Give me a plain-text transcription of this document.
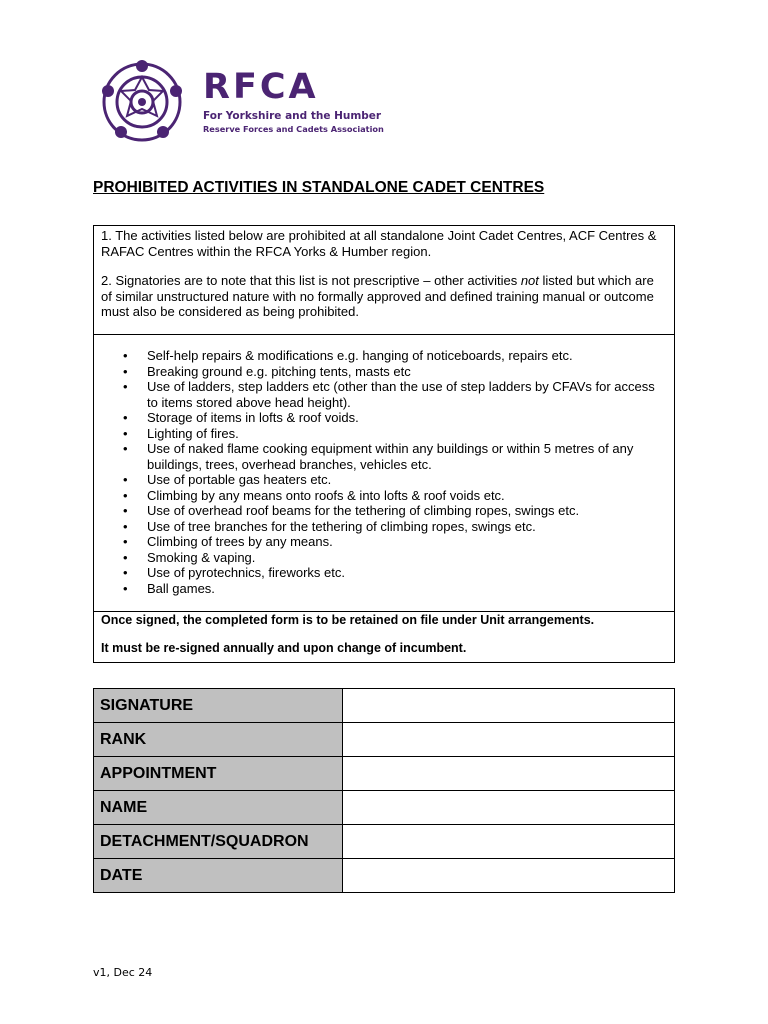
RFCA
For Yorkshire and the Humber
Reserve Forces and Cadets Association
PROHIBITED ACTIVITIES IN STANDALONE CADET CENTRES

1. The activities listed below are prohibited at all standalone Joint Cadet Centres, ACF Centres & RAFAC Centres within the RFCA Yorks & Humber region.

2. Signatories are to note that this list is not prescriptive – other activities not listed but which are of similar unstructured nature with no formally approved and defined training manual or outcome must also be considered as being prohibited.

• Self-help repairs & modifications e.g. hanging of noticeboards, repairs etc.
• Breaking ground e.g. pitching tents, masts etc
• Use of ladders, step ladders etc (other than the use of step ladders by CFAVs for access to items stored above head height).
• Storage of items in lofts & roof voids.
• Lighting of fires.
• Use of naked flame cooking equipment within any buildings or within 5 metres of any buildings, trees, overhead branches, vehicles etc.
• Use of portable gas heaters etc.
• Climbing by any means onto roofs & into lofts & roof voids etc.
• Use of overhead roof beams for the tethering of climbing ropes, swings etc.
• Use of tree branches for the tethering of climbing ropes, swings etc.
• Climbing of trees by any means.
• Smoking & vaping.
• Use of pyrotechnics, fireworks etc.
• Ball games.

Once signed, the completed form is to be retained on file under Unit arrangements.

It must be re-signed annually and upon change of incumbent.

SIGNATURE	
RANK	
APPOINTMENT	
NAME	
DETACHMENT/SQUADRON	
DATE	
v1, Dec 24
